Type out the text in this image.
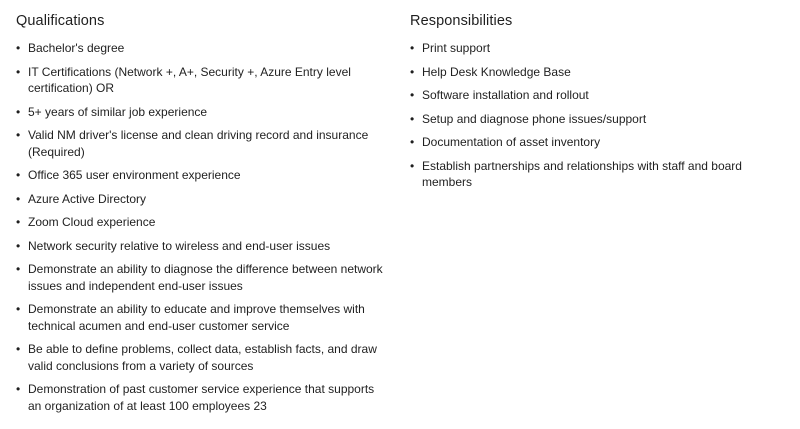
Qualifications
• Bachelor's degree
• IT Certifications (Network +, A+, Security +, Azure Entry level certification) OR
• 5+ years of similar job experience
• Valid NM driver's license and clean driving record and insurance (Required)
• Office 365 user environment experience
• Azure Active Directory
• Zoom Cloud experience
• Network security relative to wireless and end-user issues
• Demonstrate an ability to diagnose the difference between network issues and independent end-user issues
• Demonstrate an ability to educate and improve themselves with technical acumen and end-user customer service
• Be able to define problems, collect data, establish facts, and draw valid conclusions from a variety of sources
• Demonstration of past customer service experience that supports an organization of at least 100 employees 23
Responsibilities
• Print support
• Help Desk Knowledge Base
• Software installation and rollout
• Setup and diagnose phone issues/support
• Documentation of asset inventory
• Establish partnerships and relationships with staff and board members
